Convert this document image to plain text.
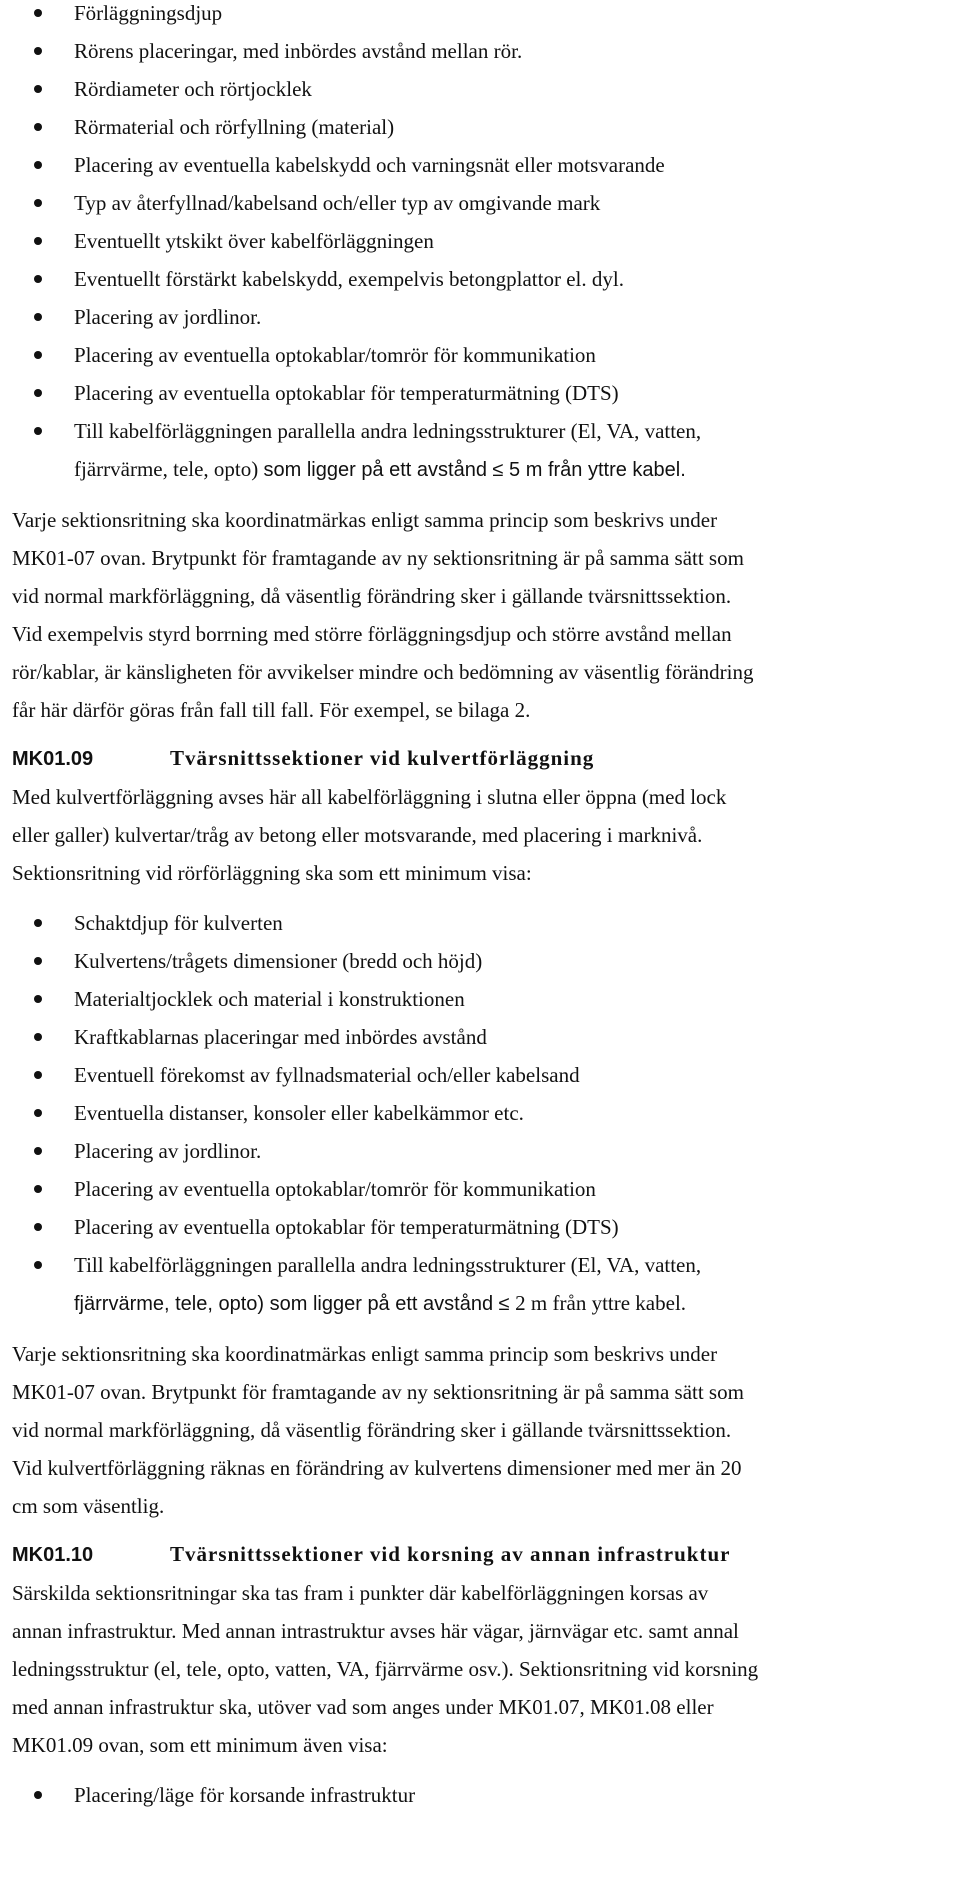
Förläggningsdjup
Rörens placeringar, med inbördes avstånd mellan rör.
Rördiameter och rörtjocklek
Rörmaterial och rörfyllning (material)
Placering av eventuella kabelskydd och varningsnät eller motsvarande
Typ av återfyllnad/kabelsand och/eller typ av omgivande mark
Eventuellt ytskikt över kabelförläggningen
Eventuellt förstärkt kabelskydd, exempelvis betongplattor el. dyl.
Placering av jordlinor.
Placering av eventuella optokablar/tomrör för kommunikation
Placering av eventuella optokablar för temperaturmätning (DTS)
Till kabelförläggningen parallella andra ledningsstrukturer (El, VA, vatten,
fjärrvärme, tele, opto) som ligger på ett avstånd ≤ 5 m från yttre kabel.

Varje sektionsritning ska koordinatmärkas enligt samma princip som beskrivs under

MK01-07 ovan. Brytpunkt för framtagande av ny sektionsritning är på samma sätt som

vid normal markförläggning, då väsentlig förändring sker i gällande tvärsnittssektion.

Vid exempelvis styrd borrning med större förläggningsdjup och större avstånd mellan

rör/kablar, är känsligheten för avvikelser mindre och bedömning av väsentlig förändring

får här därför göras från fall till fall. För exempel, se bilaga 2.

MK01.09	Tvärsnittssektioner vid kulvertförläggning

Med kulvertförläggning avses här all kabelförläggning i slutna eller öppna (med lock

eller galler) kulvertar/tråg av betong eller motsvarande, med placering i marknivå.

Sektionsritning vid rörförläggning ska som ett minimum visa:

Schaktdjup för kulverten
Kulvertens/trågets dimensioner (bredd och höjd)
Materialtjocklek och material i konstruktionen
Kraftkablarnas placeringar med inbördes avstånd
Eventuell förekomst av fyllnadsmaterial och/eller kabelsand
Eventuella distanser, konsoler eller kabelkämmor etc.
Placering av jordlinor.
Placering av eventuella optokablar/tomrör för kommunikation
Placering av eventuella optokablar för temperaturmätning (DTS)
Till kabelförläggningen parallella andra ledningsstrukturer (El, VA, vatten,
fjärrvärme, tele, opto) som ligger på ett avstånd ≤ 2 m från yttre kabel.

Varje sektionsritning ska koordinatmärkas enligt samma princip som beskrivs under

MK01-07 ovan. Brytpunkt för framtagande av ny sektionsritning är på samma sätt som

vid normal markförläggning, då väsentlig förändring sker i gällande tvärsnittssektion.

Vid kulvertförläggning räknas en förändring av kulvertens dimensioner med mer än 20

cm som väsentlig.

MK01.10	Tvärsnittssektioner vid korsning av annan infrastruktur

Särskilda sektionsritningar ska tas fram i punkter där kabelförläggningen korsas av

annan infrastruktur. Med annan intrastruktur avses här vägar, järnvägar etc. samt annal

ledningsstruktur (el, tele, opto, vatten, VA, fjärrvärme osv.). Sektionsritning vid korsning

med annan infrastruktur ska, utöver vad som anges under MK01.07, MK01.08 eller

MK01.09 ovan, som ett minimum även visa:

Placering/läge för korsande infrastruktur
